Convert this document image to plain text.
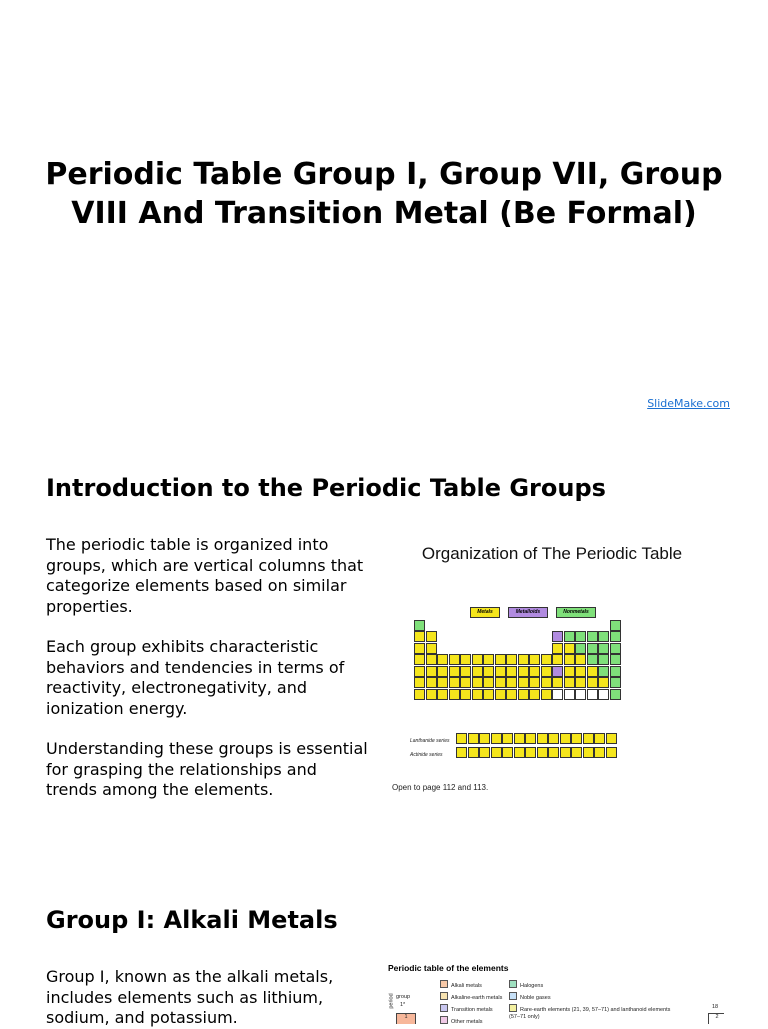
Periodic Table Group I, Group VII, Group VIII And Transition Metal (Be Formal)
SlideMake.com
Introduction to the Periodic Table Groups

The periodic table is organized into groups, which are vertical columns that categorize elements based on similar properties.

Each group exhibits characteristic behaviors and tendencies in terms of reactivity, electronegativity, and ionization energy.

Understanding these groups is essential for grasping the relationships and trends among the elements.

Organization of The Periodic Table
Metals	Metalloids	Nonmetals
Lanthanide series
Actinide series
Open to page 112 and 113.
Group I: Alkali Metals

Group I, known as the alkali metals, includes elements such as lithium, sodium, and potassium.

Periodic table of the elements
Alkali metals
Alkaline-earth metals
Transition metals
Other metals
Halogens
Noble gases
Rare-earth elements (21, 39, 57–71) and lanthanoid elements (57–71 only)
group
1*
period	18
1	2
